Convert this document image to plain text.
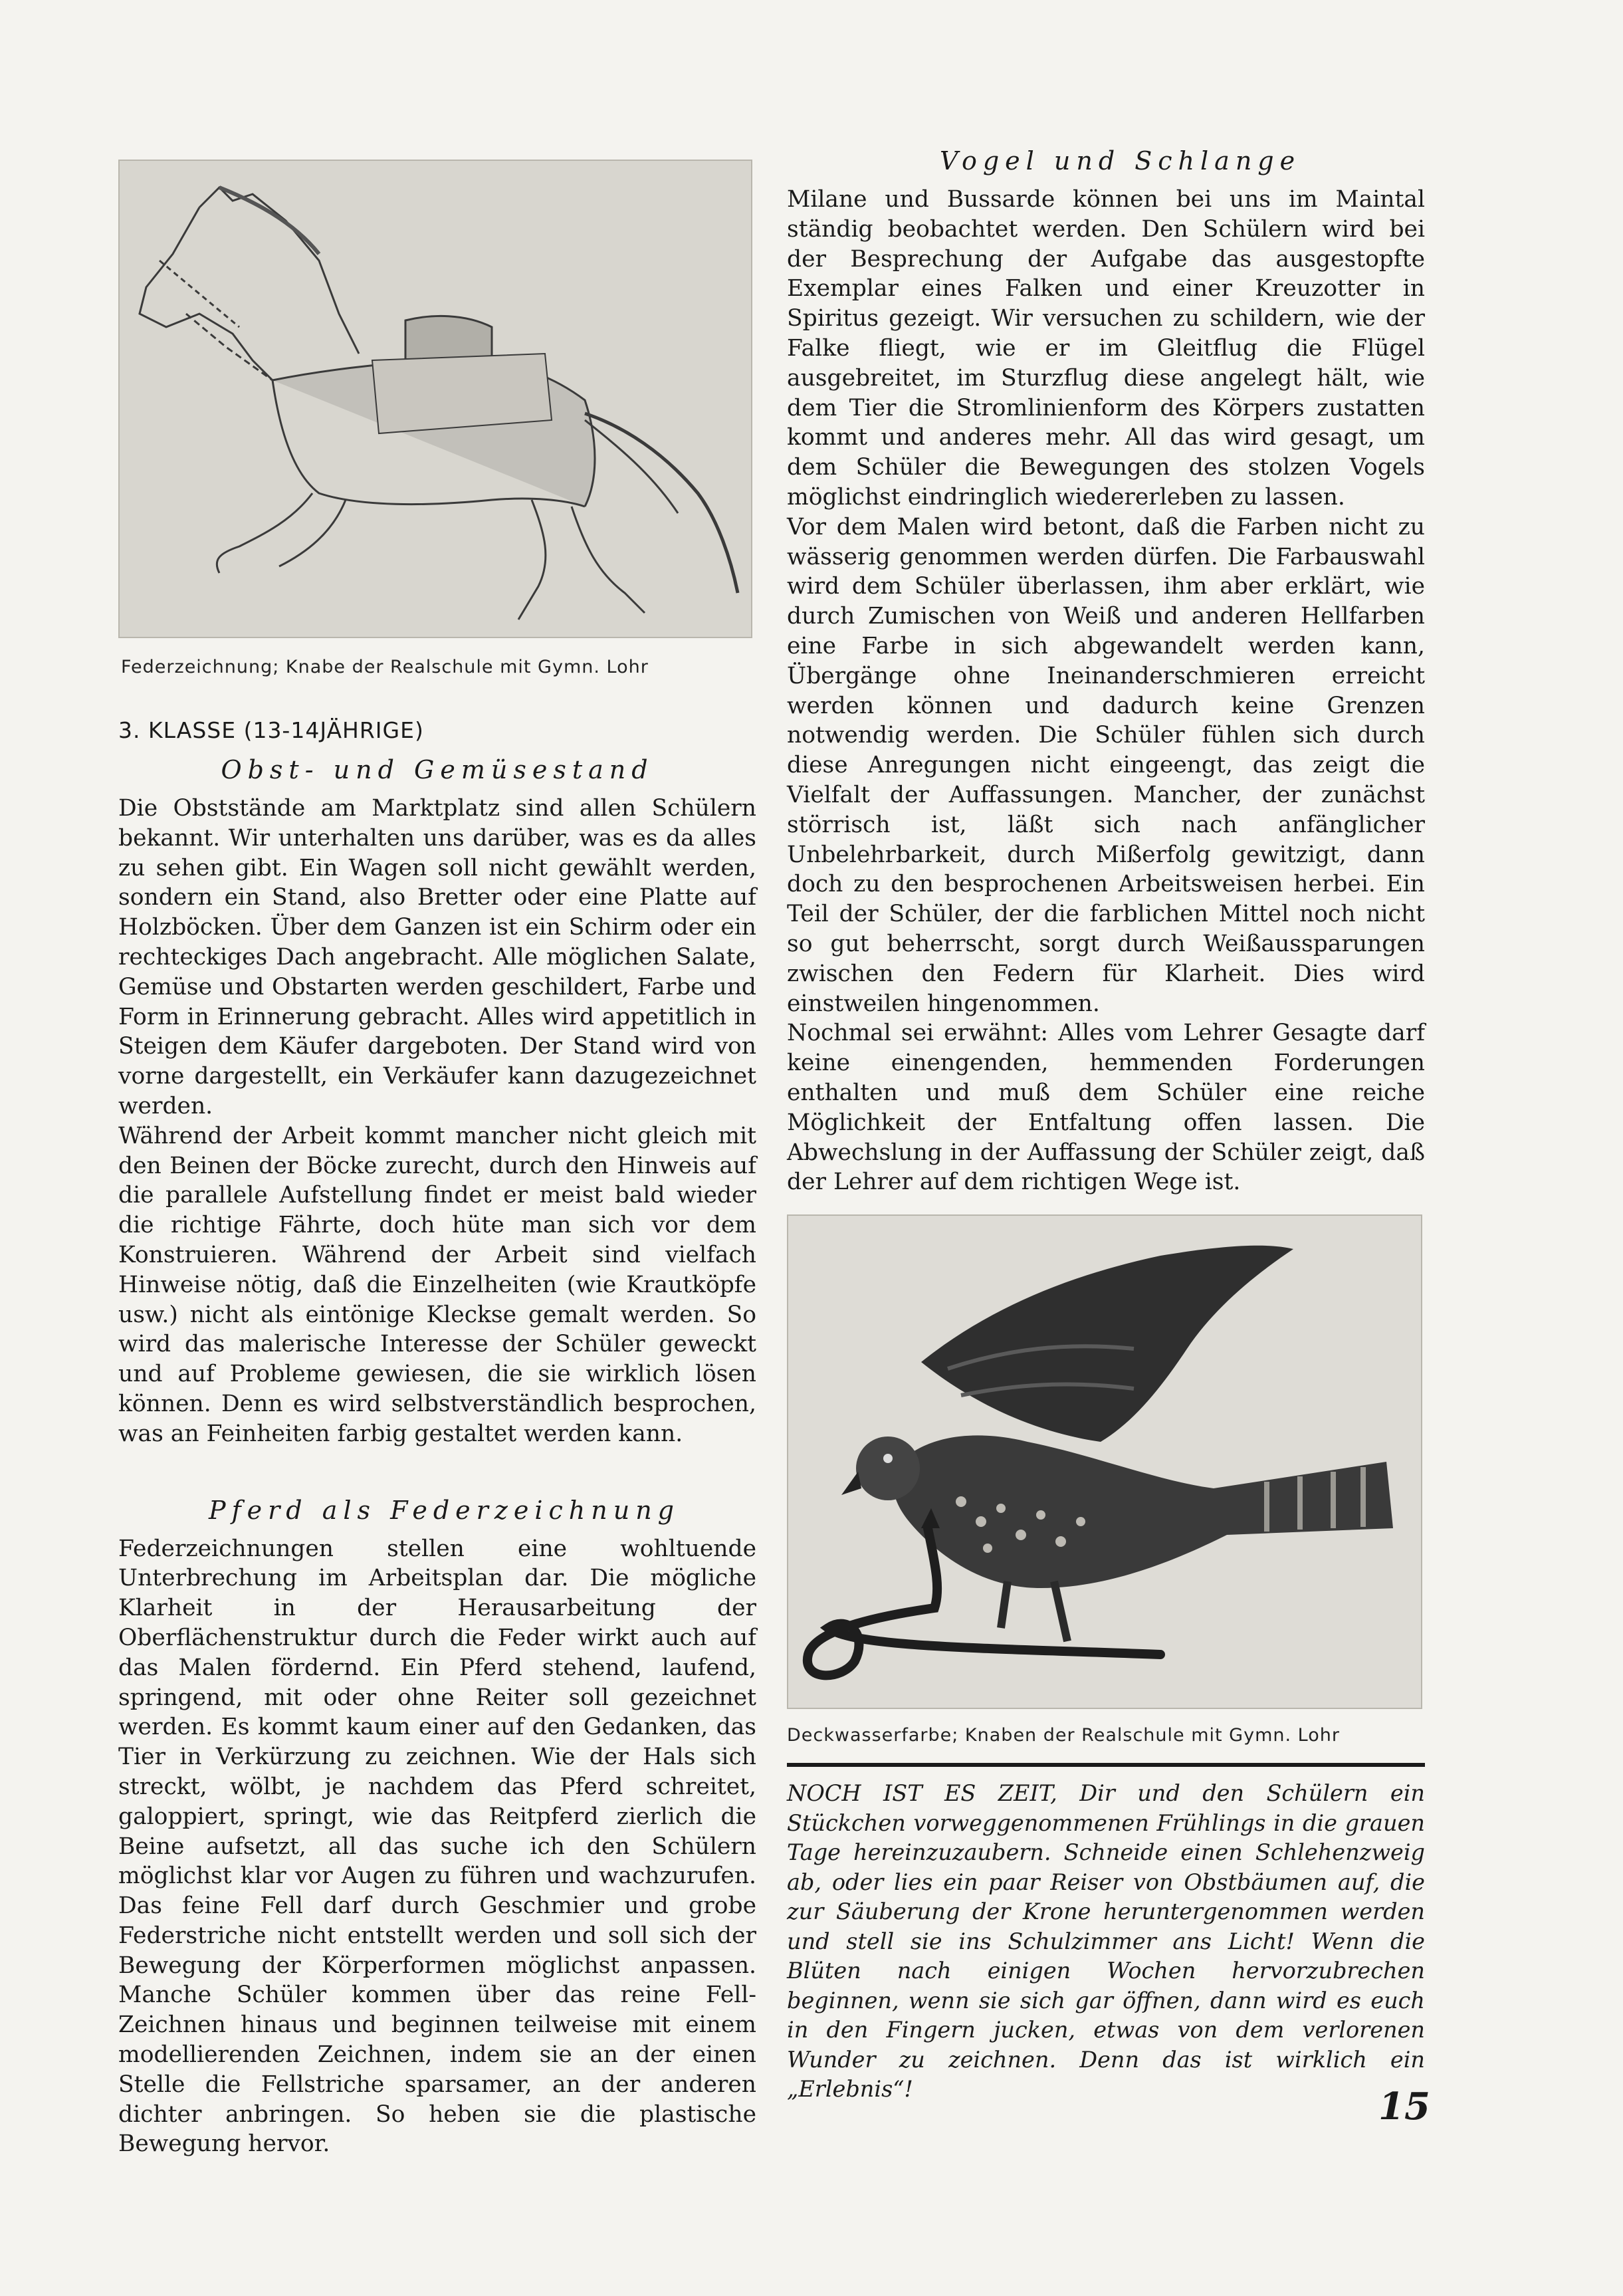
Federzeichnung; Knabe der Realschule mit Gymn. Lohr
3. KLASSE (13-14JÄHRIGE)
Obst- und Gemüsestand

Die Obststände am Marktplatz sind allen Schülern bekannt. Wir unterhalten uns darüber, was es da alles zu sehen gibt. Ein Wagen soll nicht gewählt werden, sondern ein Stand, also Bretter oder eine Platte auf Holzböcken. Über dem Ganzen ist ein Schirm oder ein rechteckiges Dach angebracht. Alle möglichen Salate, Gemüse und Obstarten werden geschildert, Farbe und Form in Erinnerung gebracht. Alles wird appetitlich in Steigen dem Käufer dargeboten. Der Stand wird von vorne dargestellt, ein Verkäufer kann dazugezeichnet werden.

Während der Arbeit kommt mancher nicht gleich mit den Beinen der Böcke zurecht, durch den Hinweis auf die parallele Aufstellung findet er meist bald wieder die richtige Fährte, doch hüte man sich vor dem Konstruieren. Während der Arbeit sind vielfach Hinweise nötig, daß die Einzelheiten (wie Krautköpfe usw.) nicht als eintönige Kleckse gemalt werden. So wird das malerische Interesse der Schüler geweckt und auf Probleme gewiesen, die sie wirklich lösen können. Denn es wird selbstverständlich besprochen, was an Feinheiten farbig gestaltet werden kann.

Pferd als Federzeichnung

Federzeichnungen stellen eine wohltuende Unterbrechung im Arbeitsplan dar. Die mögliche Klarheit in der Herausarbeitung der Oberflächenstruktur durch die Feder wirkt auch auf das Malen fördernd. Ein Pferd stehend, laufend, springend, mit oder ohne Reiter soll gezeichnet werden. Es kommt kaum einer auf den Gedanken, das Tier in Verkürzung zu zeichnen. Wie der Hals sich streckt, wölbt, je nachdem das Pferd schreitet, galoppiert, springt, wie das Reitpferd zierlich die Beine aufsetzt, all das suche ich den Schülern möglichst klar vor Augen zu führen und wachzurufen. Das feine Fell darf durch Geschmier und grobe Federstriche nicht entstellt werden und soll sich der Bewegung der Körperformen möglichst anpassen. Manche Schüler kommen über das reine Fell-Zeichnen hinaus und beginnen teilweise mit einem modellierenden Zeichnen, indem sie an der einen Stelle die Fellstriche sparsamer, an der anderen dichter anbringen. So heben sie die plastische Bewegung hervor.

Vogel und Schlange

Milane und Bussarde können bei uns im Maintal ständig beobachtet werden. Den Schülern wird bei der Besprechung der Aufgabe das ausgestopfte Exemplar eines Falken und einer Kreuzotter in Spiritus gezeigt. Wir versuchen zu schildern, wie der Falke fliegt, wie er im Gleitflug die Flügel ausgebreitet, im Sturzflug diese angelegt hält, wie dem Tier die Stromlinienform des Körpers zustatten kommt und anderes mehr. All das wird gesagt, um dem Schüler die Bewegungen des stolzen Vogels möglichst eindringlich wiedererleben zu lassen.

Vor dem Malen wird betont, daß die Farben nicht zu wässerig genommen werden dürfen. Die Farbauswahl wird dem Schüler überlassen, ihm aber erklärt, wie durch Zumischen von Weiß und anderen Hellfarben eine Farbe in sich abgewandelt werden kann, Übergänge ohne Ineinanderschmieren erreicht werden können und dadurch keine Grenzen notwendig werden. Die Schüler fühlen sich durch diese Anregungen nicht eingeengt, das zeigt die Vielfalt der Auffassungen. Mancher, der zunächst störrisch ist, läßt sich nach anfänglicher Unbelehrbarkeit, durch Mißerfolg gewitzigt, dann doch zu den besprochenen Arbeitsweisen herbei. Ein Teil der Schüler, der die farblichen Mittel noch nicht so gut beherrscht, sorgt durch Weißaussparungen zwischen den Federn für Klarheit. Dies wird einstweilen hingenommen.

Nochmal sei erwähnt: Alles vom Lehrer Gesagte darf keine einengenden, hemmenden Forderungen enthalten und muß dem Schüler eine reiche Möglichkeit der Entfaltung offen lassen. Die Abwechslung in der Auffassung der Schüler zeigt, daß der Lehrer auf dem richtigen Wege ist.

Deckwasserfarbe; Knaben der Realschule mit Gymn. Lohr

NOCH IST ES ZEIT, Dir und den Schülern ein Stückchen vorweggenommenen Frühlings in die grauen Tage hereinzuzaubern. Schneide einen Schlehenzweig ab, oder lies ein paar Reiser von Obstbäumen auf, die zur Säuberung der Krone heruntergenommen werden und stell sie ins Schulzimmer ans Licht! Wenn die Blüten nach einigen Wochen hervorzubrechen beginnen, wenn sie sich gar öffnen, dann wird es euch in den Fingern jucken, etwas von dem verlorenen Wunder zu zeichnen. Denn das ist wirklich ein „Erlebnis“!	15
